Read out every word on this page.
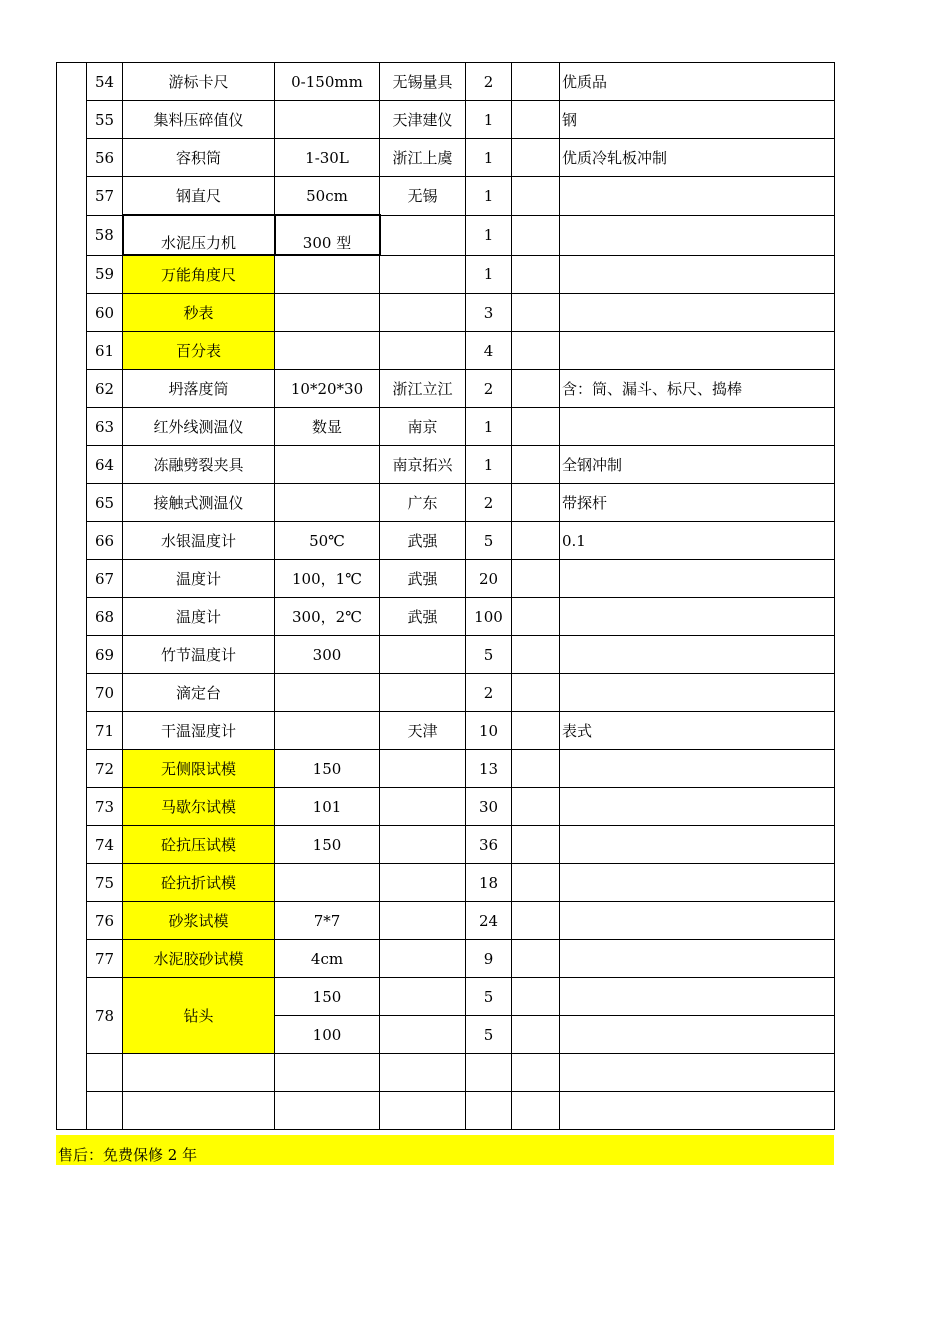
	54	游标卡尺	0-150mm	无锡量具	2		优质品
	55	集料压碎值仪		天津建仪	1		钢
	56	容积筒	1-30L	浙江上虞	1		优质冷轧板冲制
	57	钢直尺	50cm	无锡	1		
	58	水泥压力机	300 型		1		
	59	万能角度尺			1		
	60	秒表			3		
	61	百分表			4		
	62	坍落度筒	10*20*30	浙江立江	2		含：筒、漏斗、标尺、捣棒
	63	红外线测温仪	数显	南京	1		
	64	冻融劈裂夹具		南京拓兴	1		全钢冲制
	65	接触式测温仪		广东	2		带探杆
	66	水银温度计	50℃	武强	5		0.1
	67	温度计	100，1℃	武强	20		
	68	温度计	300，2℃	武强	100		
	69	竹节温度计	300		5		
	70	滴定台			2		
	71	干温湿度计		天津	10		表式
	72	无侧限试模	150		13		
	73	马歇尔试模	101		30		
	74	砼抗压试模	150		36		
	75	砼抗折试模			18		
	76	砂浆试模	7*7		24		
	77	水泥胶砂试模	4cm		9		
	78	钻头	150		5		
			100		5		

售后：免费保修 2 年
